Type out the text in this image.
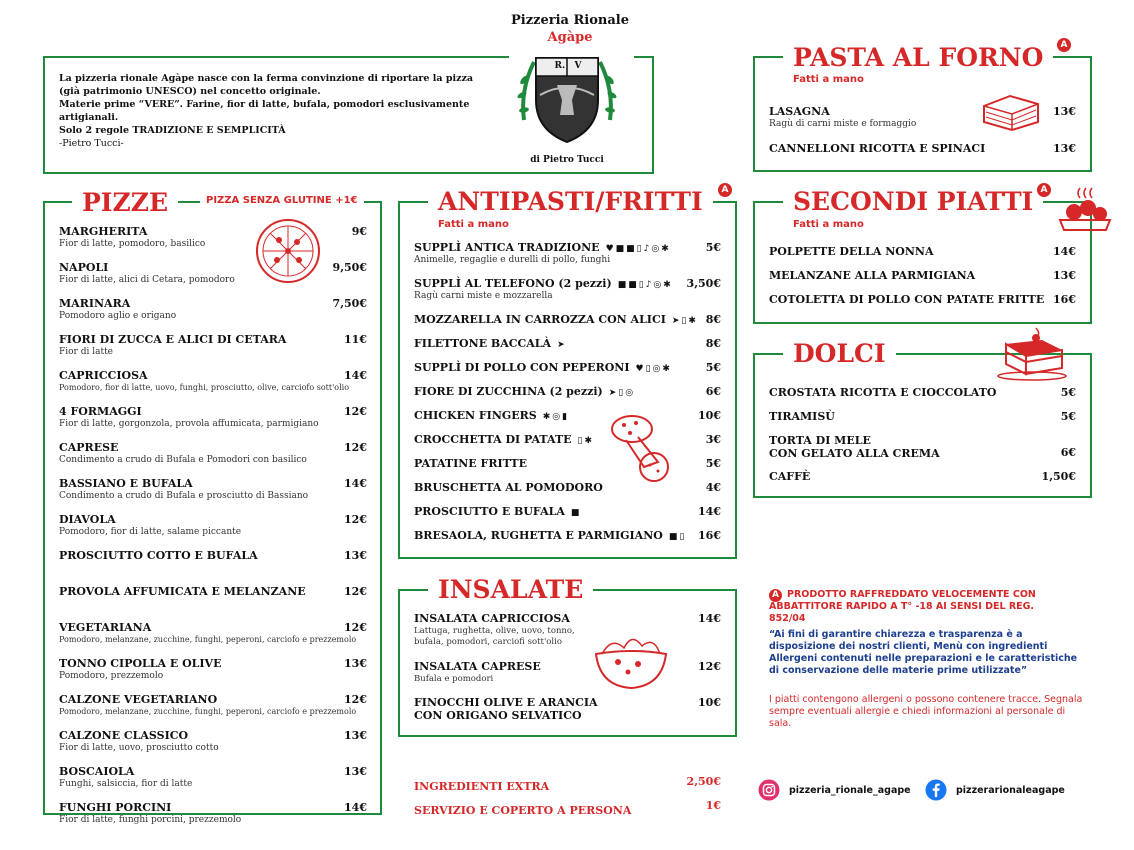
Pizzeria Rionale
Agàpe
R.   V
di Pietro Tucci
La pizzeria rionale Agàpe nasce con la ferma convinzione di riportare la pizza
(già patrimonio UNESCO) nel concetto originale.
Materie prime “VERE”. Farine, fior di latte, bufala, pomodori esclusivamente artigianali.
Solo 2 regole TRADIZIONE E SEMPLICITÀ
-Pietro Tucci-
PIZZE	PIZZA SENZA GLUTINE +1€
MARGHERITA	9€
Fior di latte, pomodoro, basilico
NAPOLI	9,50€
Fior di latte, alici di Cetara, pomodoro
MARINARA	7,50€
Pomodoro aglio e origano
FIORI DI ZUCCA E ALICI DI CETARA	11€
Fior di latte
CAPRICCIOSA	14€
Pomodoro, fior di latte, uovo, funghi, prosciutto, olive, carciofo sott'olio
4 FORMAGGI	12€
Fior di latte, gorgonzola, provola affumicata, parmigiano
CAPRESE	12€
Condimento a crudo di Bufala e Pomodori con basilico
BASSIANO E BUFALA	14€
Condimento a crudo di Bufala e prosciutto di Bassiano
DIAVOLA	12€
Pomodoro, fior di latte, salame piccante
PROSCIUTTO COTTO E BUFALA	13€
PROVOLA AFFUMICATA E MELANZANE	12€
VEGETARIANA	12€
Pomodoro, melanzane, zucchine, funghi, peperoni, carciofo e prezzemolo
TONNO CIPOLLA E OLIVE	13€
Pomodoro, prezzemolo
CALZONE VEGETARIANO	12€
Pomodoro, melanzane, zucchine, funghi, peperoni, carciofo e prezzemolo
CALZONE CLASSICO	13€
Fior di latte, uovo, prosciutto cotto
BOSCAIOLA	13€
Funghi, salsiccia, fior di latte
FUNGHI PORCINI	14€
Fior di latte, funghi porcini, prezzemolo
ANTIPASTI/FRITTI	A
Fatti a mano
SUPPLÌ ANTICA TRADIZIONE ♥■■▯♪◎✱	5€
Animelle, regaglie e durelli di pollo, funghi
SUPPLÌ AL TELEFONO (2 pezzi) ■■▯♪◎✱	3,50€
Ragù carni miste e mozzarella
MOZZARELLA IN CARROZZA CON ALICI ➤▯✱ 8€
FILETTONE BACCALÀ ➤	8€
SUPPLÌ DI POLLO CON PEPERONI ♥▯◎✱	5€
FIORE DI ZUCCHINA (2 pezzi) ➤▯◎	6€
CHICKEN FINGERS ✱◎▮	10€
CROCCHETTA DI PATATE ▯✱	3€
PATATINE FRITTE	5€
BRUSCHETTA AL POMODORO	4€
PROSCIUTTO E BUFALA ■	14€
BRESAOLA, RUGHETTA E PARMIGIANO ■▯	16€
INSALATE
INSALATA CAPRICCIOSA	14€
Lattuga, rughetta, olive, uovo, tonno, bufala, pomodori, carciofi sott'olio
INSALATA CAPRESE	12€
Bufala e pomodori
FINOCCHI OLIVE E ARANCIA
CON ORIGANO SELVATICO
10€
INGREDIENTI EXTRA	2,50€
SERVIZIO E COPERTO A PERSONA	1€
PASTA AL FORNO	A
Fatti a mano
LASAGNA	13€
Ragù di carni miste e formaggio
CANNELLONI RICOTTA E SPINACI	13€
SECONDI PIATTI A
Fatti a mano
POLPETTE DELLA NONNA	14€
MELANZANE ALLA PARMIGIANA	13€
COTOLETTA DI POLLO CON PATATE FRITTE 16€
DOLCI
CROSTATA RICOTTA E CIOCCOLATO	5€
TIRAMISÙ	5€
TORTA DI MELE
CON GELATO ALLA CREMA	6€
CAFFÈ	1,50€
A PRODOTTO RAFFREDDATO VELOCEMENTE CON ABBATTITORE RAPIDO A T° -18 AI SENSI DEL REG. 852/04
“Ai fini di garantire chiarezza e trasparenza è a disposizione dei nostri clienti, Menù con ingredienti Allergeni contenuti nelle preparazioni e le caratteristiche di conservazione delle materie prime utilizzate”
I piatti contengono allergeni o possono contenere tracce. Segnala sempre eventuali allergie e chiedi informazioni al personale di sala.
pizzeria_rionale_agape	pizzerarionaleagape
